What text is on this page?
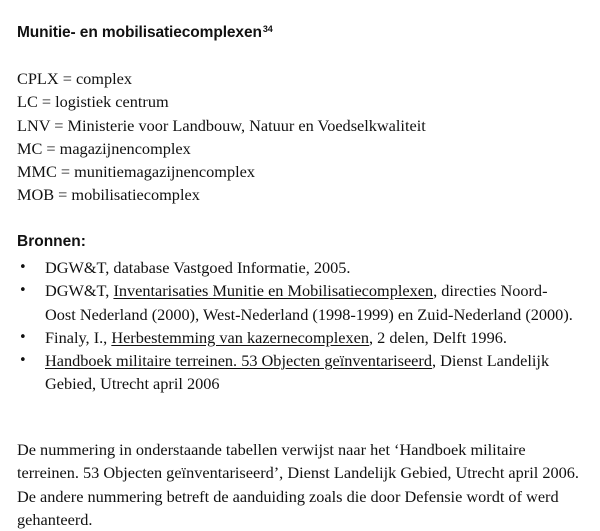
Munitie- en mobilisatiecomplexen$^{34}$
CPLX = complex
LC = logistiek centrum
LNV = Ministerie voor Landbouw, Natuur en Voedselkwaliteit
MC = magazijnencomplex
MMC = munitiemagazijnencomplex
MOB = mobilisatiecomplex
Bronnen:
• DGW&T, database Vastgoed Informatie, 2005.
• DGW&T, Inventarisaties Munitie en Mobilisatiecomplexen, directies Noord-Oost Nederland (2000), West-Nederland (1998-1999) en Zuid-Nederland (2000).
• Finaly, I., Herbestemming van kazernecomplexen, 2 delen, Delft 1996.
• Handboek militaire terreinen. 53 Objecten geïnventariseerd, Dienst Landelijk Gebied, Utrecht april 2006

De nummering in onderstaande tabellen verwijst naar het ‘Handboek militaire terreinen. 53 Objecten geïnventariseerd’, Dienst Landelijk Gebied, Utrecht april 2006. De andere nummering betreft de aanduiding zoals die door Defensie wordt of werd gehanteerd.
